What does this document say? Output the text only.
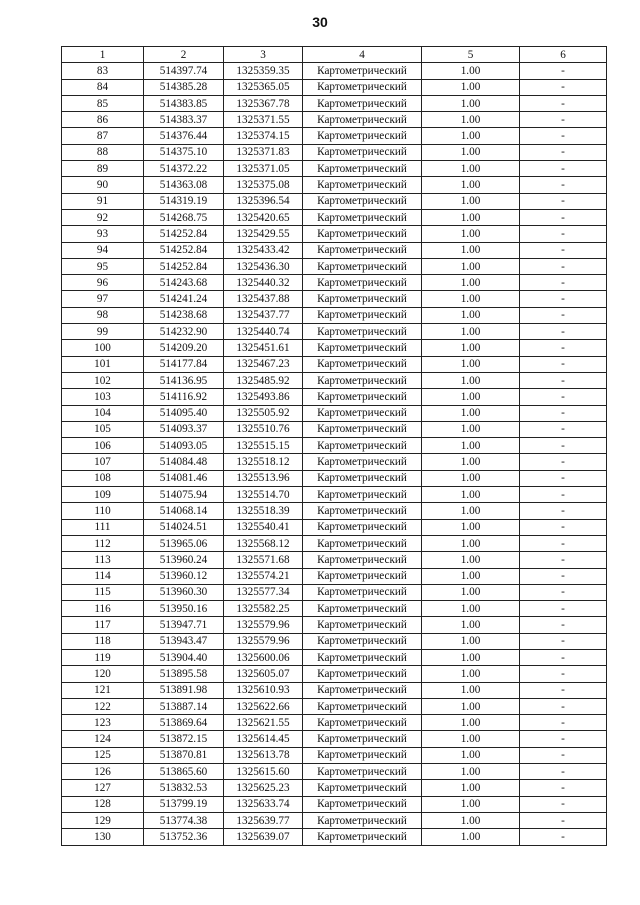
30
1	2	3	4	5	6
83	514397.74	1325359.35	Картометрический	1.00	-
84	514385.28	1325365.05	Картометрический	1.00	-
85	514383.85	1325367.78	Картометрический	1.00	-
86	514383.37	1325371.55	Картометрический	1.00	-
87	514376.44	1325374.15	Картометрический	1.00	-
88	514375.10	1325371.83	Картометрический	1.00	-
89	514372.22	1325371.05	Картометрический	1.00	-
90	514363.08	1325375.08	Картометрический	1.00	-
91	514319.19	1325396.54	Картометрический	1.00	-
92	514268.75	1325420.65	Картометрический	1.00	-
93	514252.84	1325429.55	Картометрический	1.00	-
94	514252.84	1325433.42	Картометрический	1.00	-
95	514252.84	1325436.30	Картометрический	1.00	-
96	514243.68	1325440.32	Картометрический	1.00	-
97	514241.24	1325437.88	Картометрический	1.00	-
98	514238.68	1325437.77	Картометрический	1.00	-
99	514232.90	1325440.74	Картометрический	1.00	-
100	514209.20	1325451.61	Картометрический	1.00	-
101	514177.84	1325467.23	Картометрический	1.00	-
102	514136.95	1325485.92	Картометрический	1.00	-
103	514116.92	1325493.86	Картометрический	1.00	-
104	514095.40	1325505.92	Картометрический	1.00	-
105	514093.37	1325510.76	Картометрический	1.00	-
106	514093.05	1325515.15	Картометрический	1.00	-
107	514084.48	1325518.12	Картометрический	1.00	-
108	514081.46	1325513.96	Картометрический	1.00	-
109	514075.94	1325514.70	Картометрический	1.00	-
110	514068.14	1325518.39	Картометрический	1.00	-
111	514024.51	1325540.41	Картометрический	1.00	-
112	513965.06	1325568.12	Картометрический	1.00	-
113	513960.24	1325571.68	Картометрический	1.00	-
114	513960.12	1325574.21	Картометрический	1.00	-
115	513960.30	1325577.34	Картометрический	1.00	-
116	513950.16	1325582.25	Картометрический	1.00	-
117	513947.71	1325579.96	Картометрический	1.00	-
118	513943.47	1325579.96	Картометрический	1.00	-
119	513904.40	1325600.06	Картометрический	1.00	-
120	513895.58	1325605.07	Картометрический	1.00	-
121	513891.98	1325610.93	Картометрический	1.00	-
122	513887.14	1325622.66	Картометрический	1.00	-
123	513869.64	1325621.55	Картометрический	1.00	-
124	513872.15	1325614.45	Картометрический	1.00	-
125	513870.81	1325613.78	Картометрический	1.00	-
126	513865.60	1325615.60	Картометрический	1.00	-
127	513832.53	1325625.23	Картометрический	1.00	-
128	513799.19	1325633.74	Картометрический	1.00	-
129	513774.38	1325639.77	Картометрический	1.00	-
130	513752.36	1325639.07	Картометрический	1.00	-
